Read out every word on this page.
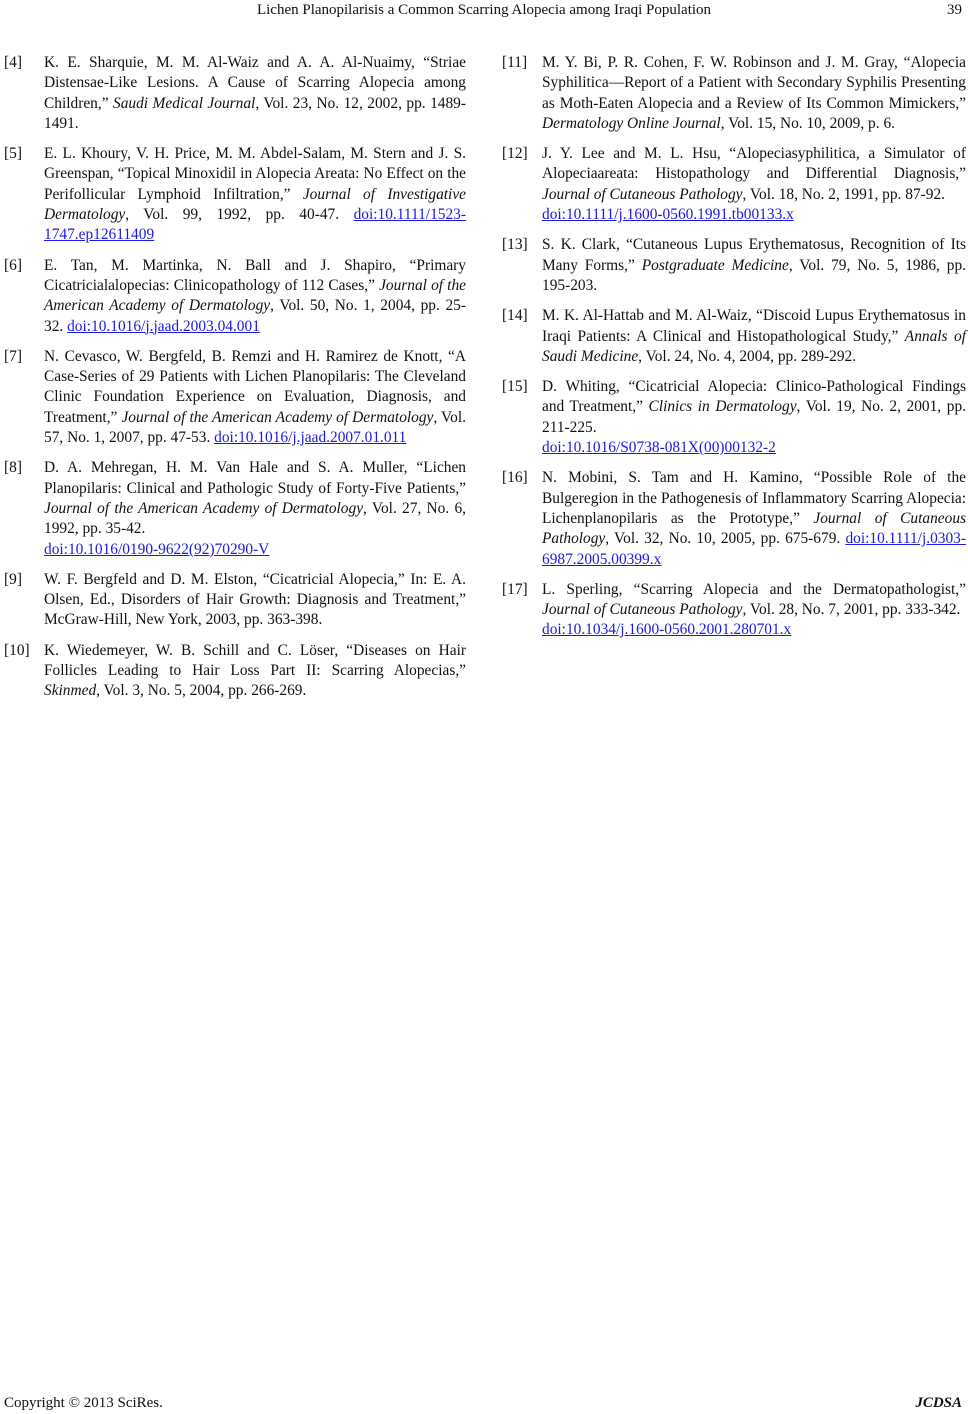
Lichen Planopilarisis a Common Scarring Alopecia among Iraqi Population	39
[4] K. E. Sharquie, M. M. Al-Waiz and A. A. Al-Nuaimy, “Striae Distensae-Like Lesions. A Cause of Scarring Alopecia among Children,” Saudi Medical Journal, Vol. 23, No. 12, 2002, pp. 1489-1491.
[5] E. L. Khoury, V. H. Price, M. M. Abdel-Salam, M. Stern and J. S. Greenspan, “Topical Minoxidil in Alopecia Areata: No Effect on the Perifollicular Lymphoid Infiltration,” Journal of Investigative Dermatology, Vol. 99, 1992, pp. 40-47. doi:10.1111/1523-1747.ep12611409
[6] E. Tan, M. Martinka, N. Ball and J. Shapiro, “Primary Cicatricialalopecias: Clinicopathology of 112 Cases,” Journal of the American Academy of Dermatology, Vol. 50, No. 1, 2004, pp. 25-32. doi:10.1016/j.jaad.2003.04.001
[7] N. Cevasco, W. Bergfeld, B. Remzi and H. Ramirez de Knott, “A Case-Series of 29 Patients with Lichen Planopilaris: The Cleveland Clinic Foundation Experience on Evaluation, Diagnosis, and Treatment,” Journal of the American Academy of Dermatology, Vol. 57, No. 1, 2007, pp. 47-53. doi:10.1016/j.jaad.2007.01.011
[8] D. A. Mehregan, H. M. Van Hale and S. A. Muller, “Lichen Planopilaris: Clinical and Pathologic Study of Forty-Five Patients,” Journal of the American Academy of Dermatology, Vol. 27, No. 6, 1992, pp. 35-42.
doi:10.1016/0190-9622(92)70290-V
[9] W. F. Bergfeld and D. M. Elston, “Cicatricial Alopecia,” In: E. A. Olsen, Ed., Disorders of Hair Growth: Diagnosis and Treatment,” McGraw-Hill, New York, 2003, pp. 363-398.
[10] K. Wiedemeyer, W. B. Schill and C. Löser, “Diseases on Hair Follicles Leading to Hair Loss Part II: Scarring Alopecias,” Skinmed, Vol. 3, No. 5, 2004, pp. 266-269.
[11] M. Y. Bi, P. R. Cohen, F. W. Robinson and J. M. Gray, “Alopecia Syphilitica—Report of a Patient with Secondary Syphilis Presenting as Moth-Eaten Alopecia and a Review of Its Common Mimickers,” Dermatology Online Journal, Vol. 15, No. 10, 2009, p. 6.
[12] J. Y. Lee and M. L. Hsu, “Alopeciasyphilitica, a Simulator of Alopeciaareata: Histopathology and Differential Diagnosis,” Journal of Cutaneous Pathology, Vol. 18, No. 2, 1991, pp. 87-92.
doi:10.1111/j.1600-0560.1991.tb00133.x
[13] S. K. Clark, “Cutaneous Lupus Erythematosus, Recognition of Its Many Forms,” Postgraduate Medicine, Vol. 79, No. 5, 1986, pp. 195-203.
[14] M. K. Al-Hattab and M. Al-Waiz, “Discoid Lupus Erythematosus in Iraqi Patients: A Clinical and Histopathological Study,” Annals of Saudi Medicine, Vol. 24, No. 4, 2004, pp. 289-292.
[15] D. Whiting, “Cicatricial Alopecia: Clinico-Pathological Findings and Treatment,” Clinics in Dermatology, Vol. 19, No. 2, 2001, pp. 211-225.
doi:10.1016/S0738-081X(00)00132-2
[16] N. Mobini, S. Tam and H. Kamino, “Possible Role of the Bulgeregion in the Pathogenesis of Inflammatory Scarring Alopecia: Lichenplanopilaris as the Prototype,” Journal of Cutaneous Pathology, Vol. 32, No. 10, 2005, pp. 675-679. doi:10.1111/j.0303-6987.2005.00399.x
[17] L. Sperling, “Scarring Alopecia and the Dermatopathologist,” Journal of Cutaneous Pathology, Vol. 28, No. 7, 2001, pp. 333-342.
doi:10.1034/j.1600-0560.2001.280701.x
Copyright © 2013 SciRes.	JCDSA
